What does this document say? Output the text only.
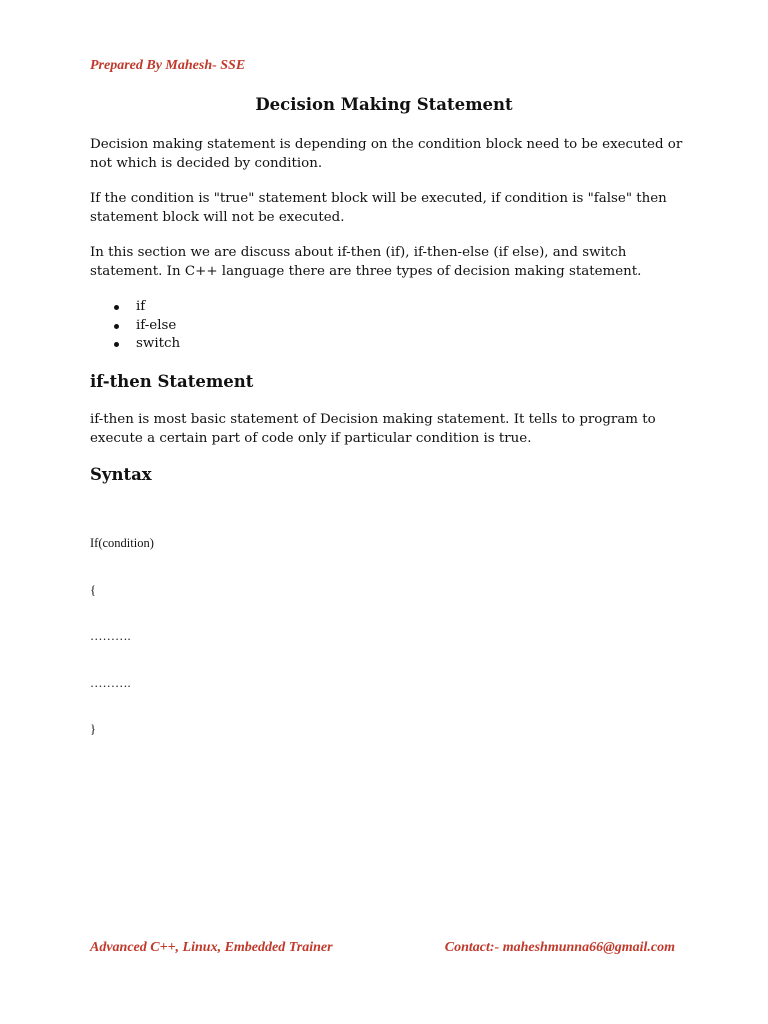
Prepared By Mahesh- SSE
Decision Making Statement

Decision making statement is depending on the condition block need to be executed or not which is decided by condition.

If the condition is "true" statement block will be executed, if condition is "false" then statement block will not be executed.

In this section we are discuss about if-then (if), if-then-else (if else), and switch statement. In C++ language there are three types of decision making statement.

if
if-else
switch
if-then Statement

if-then is most basic statement of Decision making statement. It tells to program to execute a certain part of code only if particular condition is true.

Syntax

If(condition)

{

……….

……….

}

Advanced C++, Linux, Embedded Trainer	Contact:- maheshmunna66@gmail.com
